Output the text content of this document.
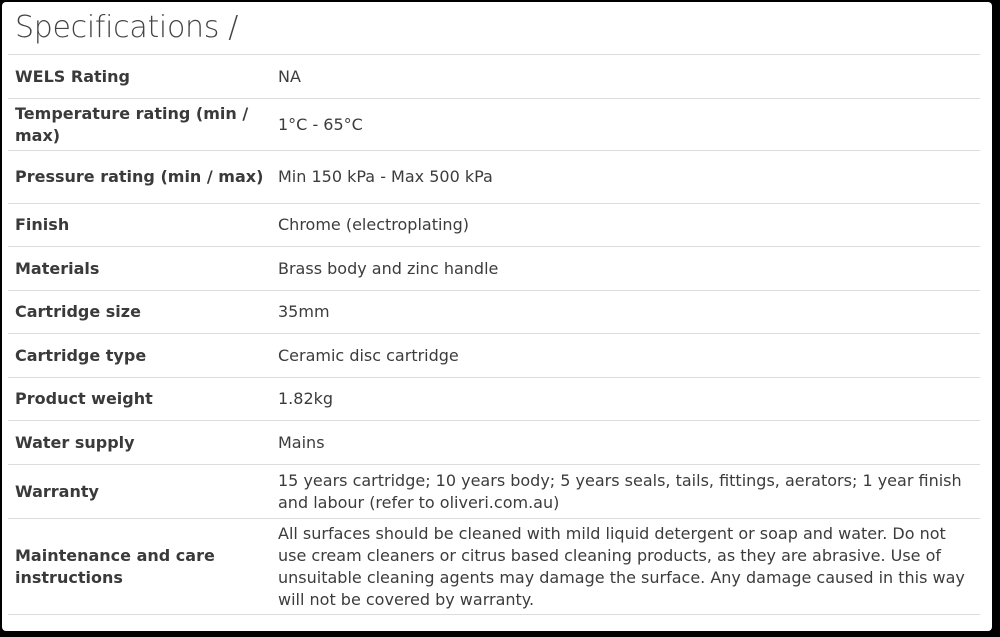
Specifications /
WELS Rating	NA
Temperature rating (min / max)	1°C - 65°C
Pressure rating (min / max)	Min 150 kPa - Max 500 kPa
Finish	Chrome (electroplating)
Materials	Brass body and zinc handle
Cartridge size	35mm
Cartridge type	Ceramic disc cartridge
Product weight	1.82kg
Water supply	Mains
Warranty	15 years cartridge; 10 years body; 5 years seals, tails, fittings, aerators; 1 year finish and labour (refer to oliveri.com.au)
Maintenance and care instructions	All surfaces should be cleaned with mild liquid detergent or soap and water. Do not use cream cleaners or citrus based cleaning products, as they are abrasive. Use of unsuitable cleaning agents may damage the surface. Any damage caused in this way will not be covered by warranty.
